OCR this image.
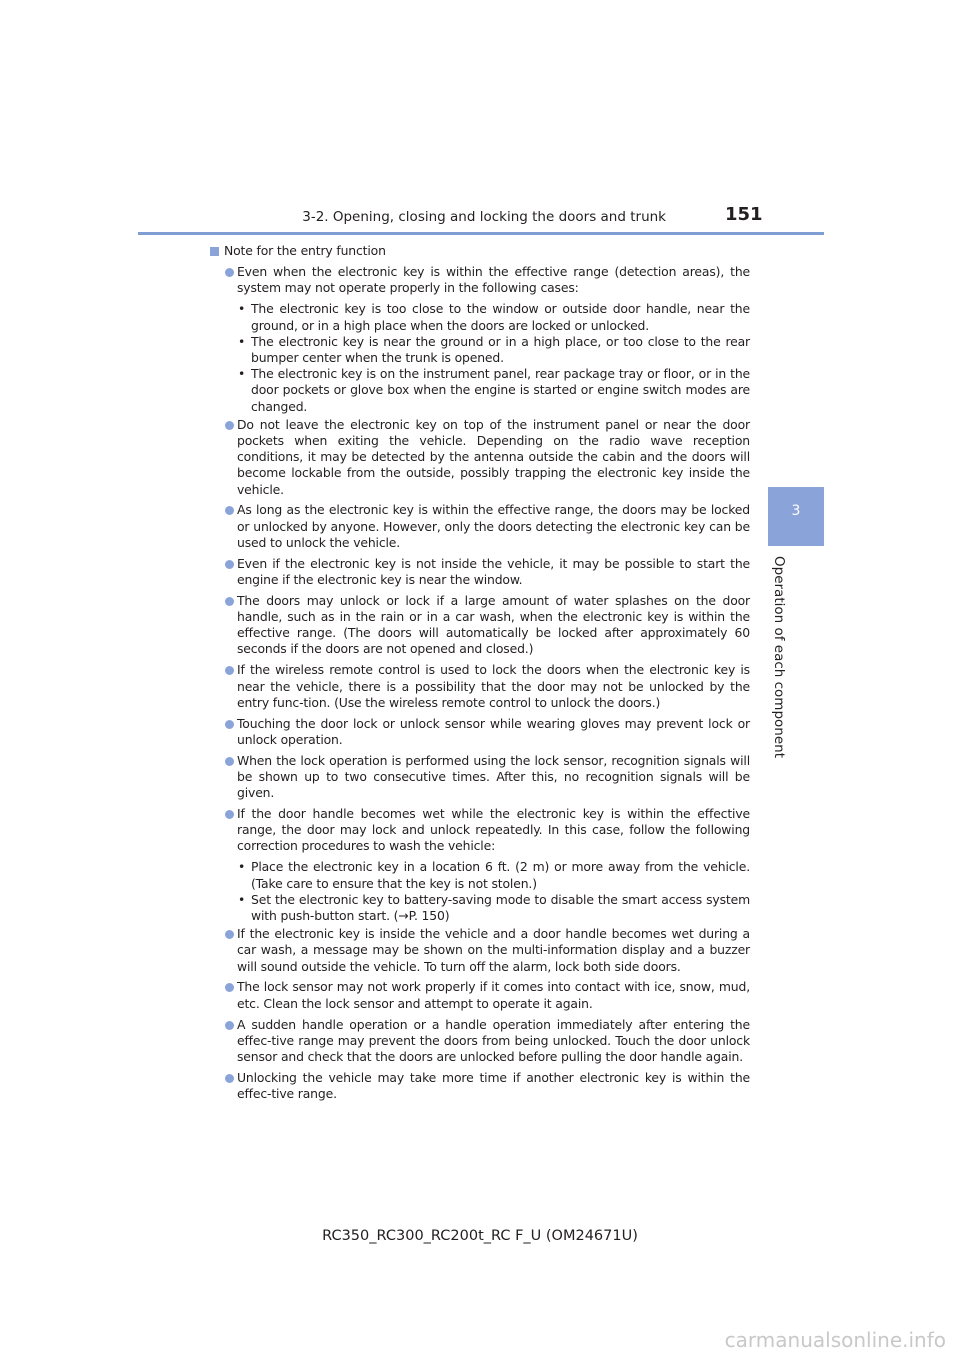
3-2. Opening, closing and locking the doors and trunk	151
3
Operation of each component
Note for the entry function
Even when the electronic key is within the effective range (detection areas), the system may not operate properly in the following cases:
• The electronic key is too close to the window or outside door handle, near the ground, or in a high place when the doors are locked or unlocked.
• The electronic key is near the ground or in a high place, or too close to the rear bumper center when the trunk is opened.
• The electronic key is on the instrument panel, rear package tray or floor, or in the door pockets or glove box when the engine is started or engine switch modes are changed.
Do not leave the electronic key on top of the instrument panel or near the door pockets when exiting the vehicle. Depending on the radio wave reception conditions, it may be detected by the antenna outside the cabin and the doors will become lockable from the outside, possibly trapping the electronic key inside the vehicle.
As long as the electronic key is within the effective range, the doors may be locked or unlocked by anyone. However, only the doors detecting the electronic key can be used to unlock the vehicle.
Even if the electronic key is not inside the vehicle, it may be possible to start the engine if the electronic key is near the window.
The doors may unlock or lock if a large amount of water splashes on the door handle, such as in the rain or in a car wash, when the electronic key is within the effective range. (The doors will automatically be locked after approximately 60 seconds if the doors are not opened and closed.)
If the wireless remote control is used to lock the doors when the electronic key is near the vehicle, there is a possibility that the door may not be unlocked by the entry func-tion. (Use the wireless remote control to unlock the doors.)
Touching the door lock or unlock sensor while wearing gloves may prevent lock or unlock operation.
When the lock operation is performed using the lock sensor, recognition signals will be shown up to two consecutive times. After this, no recognition signals will be given.
If the door handle becomes wet while the electronic key is within the effective range, the door may lock and unlock repeatedly. In this case, follow the following correction procedures to wash the vehicle:
• Place the electronic key in a location 6 ft. (2 m) or more away from the vehicle. (Take care to ensure that the key is not stolen.)
• Set the electronic key to battery-saving mode to disable the smart access system with push-button start. (→P. 150)
If the electronic key is inside the vehicle and a door handle becomes wet during a car wash, a message may be shown on the multi-information display and a buzzer will sound outside the vehicle. To turn off the alarm, lock both side doors.
The lock sensor may not work properly if it comes into contact with ice, snow, mud, etc. Clean the lock sensor and attempt to operate it again.
A sudden handle operation or a handle operation immediately after entering the effec-tive range may prevent the doors from being unlocked. Touch the door unlock sensor and check that the doors are unlocked before pulling the door handle again.
Unlocking the vehicle may take more time if another electronic key is within the effec-tive range.
RC350_RC300_RC200t_RC F_U (OM24671U)
carmanualsonline.info
